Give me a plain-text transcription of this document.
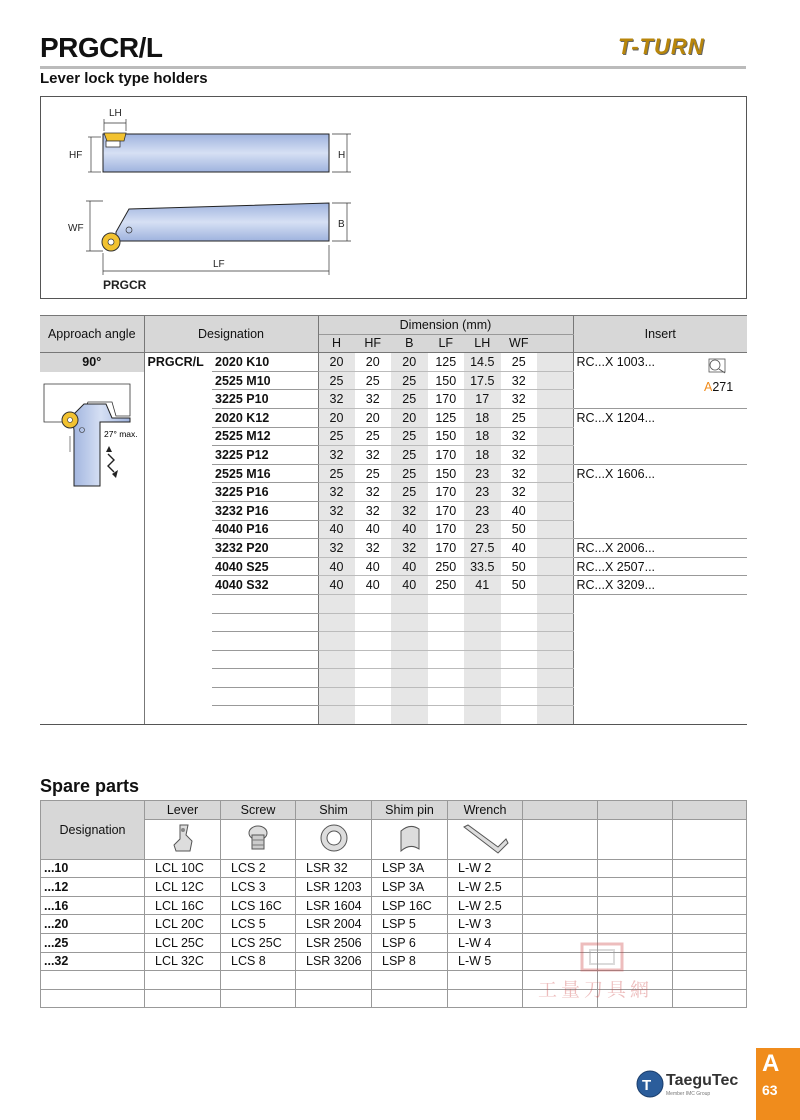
PRGCR/L
Lever lock type holders
T-TURN
LH
HF	H
WF	B
LF
PRGCR
Approach angle	Designation		Dimension (mm)							Insert
			H	HF	B	LF	LH	WF		

90°	PRGCR/L	2020 K10	20	20	20	125	14.5	25		RC...X 1003...
		2525 M10	25	25	25	150	17.5	32		
		3225 P10	32	32	25	170	17	32		
		2020 K12	20	20	20	125	18	25		RC...X 1204...
		2525 M12	25	25	25	150	18	32		
		3225 P12	32	32	25	170	18	32		
		2525 M16	25	25	25	150	23	32		RC...X 1606...
		3225 P16	32	32	25	170	23	32		
		3232 P16	32	32	32	170	23	40		
		4040 P16	40	40	40	170	23	50		
		3232 P20	32	32	32	170	27.5	40		RC...X 2006...
		4040 S25	40	40	40	250	33.5	50		RC...X 2507...
		4040 S32	40	40	40	250	41	50		RC...X 3209...

27° max.
A271
Spare parts
Designation	Lever	Screw	Shim	Shim pin	Wrench			

...10	LCL 10C	LCS 2	LSR 32	LSP 3A	L-W 2			
...12	LCL 12C	LCS 3	LSR 1203	LSP 3A	L-W 2.5			
...16	LCL 16C	LCS 16C	LSR 1604	LSP 16C	L-W 2.5			
...20	LCL 20C	LCS 5	LSR 2004	LSP 5	L-W 3			
...25	LCL 25C	LCS 25C	LSR 2506	LSP 6	L-W 4			
...32	LCL 32C	LCS 8	LSR 3206	LSP 8	L-W 5			

工量刀具網
T TaeguTec
Member IMC Group
A
63
